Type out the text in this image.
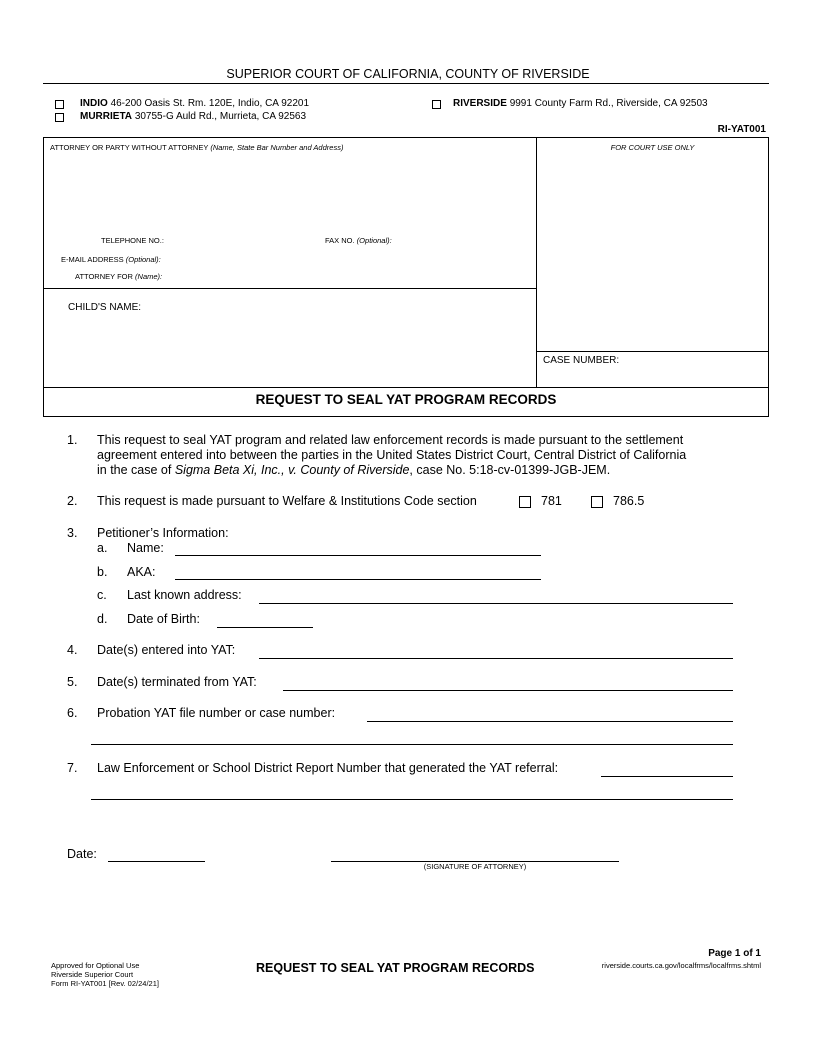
SUPERIOR COURT OF CALIFORNIA, COUNTY OF RIVERSIDE
INDIO 46-200 Oasis St. Rm. 120E, Indio, CA 92201
MURRIETA 30755-G Auld Rd., Murrieta, CA 92563
RIVERSIDE 9991 County Farm Rd., Riverside, CA 92503
RI-YAT001
ATTORNEY OR PARTY WITHOUT ATTORNEY (Name, State Bar Number and Address)	FOR COURT USE ONLY
TELEPHONE NO.:	FAX NO. (Optional):
E-MAIL ADDRESS (Optional):
ATTORNEY FOR (Name):
CHILD'S NAME:
CASE NUMBER:
REQUEST TO SEAL YAT PROGRAM RECORDS
1. This request to seal YAT program and related law enforcement records is made pursuant to the settlement
agreement entered into between the parties in the United States District Court, Central District of California
in the case of Sigma Beta Xi, Inc., v. County of Riverside, case No. 5:18-cv-01399-JGB-JEM.
2. This request is made pursuant to Welfare & Institutions Code section	781	786.5
3. Petitioner’s Information:
a. Name:
b. AKA:
c. Last known address:
d. Date of Birth:
4. Date(s) entered into YAT:
5. Date(s) terminated from YAT:
6. Probation YAT file number or case number:
7. Law Enforcement or School District Report Number that generated the YAT referral:
Date:
(SIGNATURE OF ATTORNEY)
Page 1 of 1
Approved for Optional Use
Riverside Superior Court
Form RI-YAT001 [Rev. 02/24/21]
REQUEST TO SEAL YAT PROGRAM RECORDS	riverside.courts.ca.gov/localfrms/localfrms.shtml
